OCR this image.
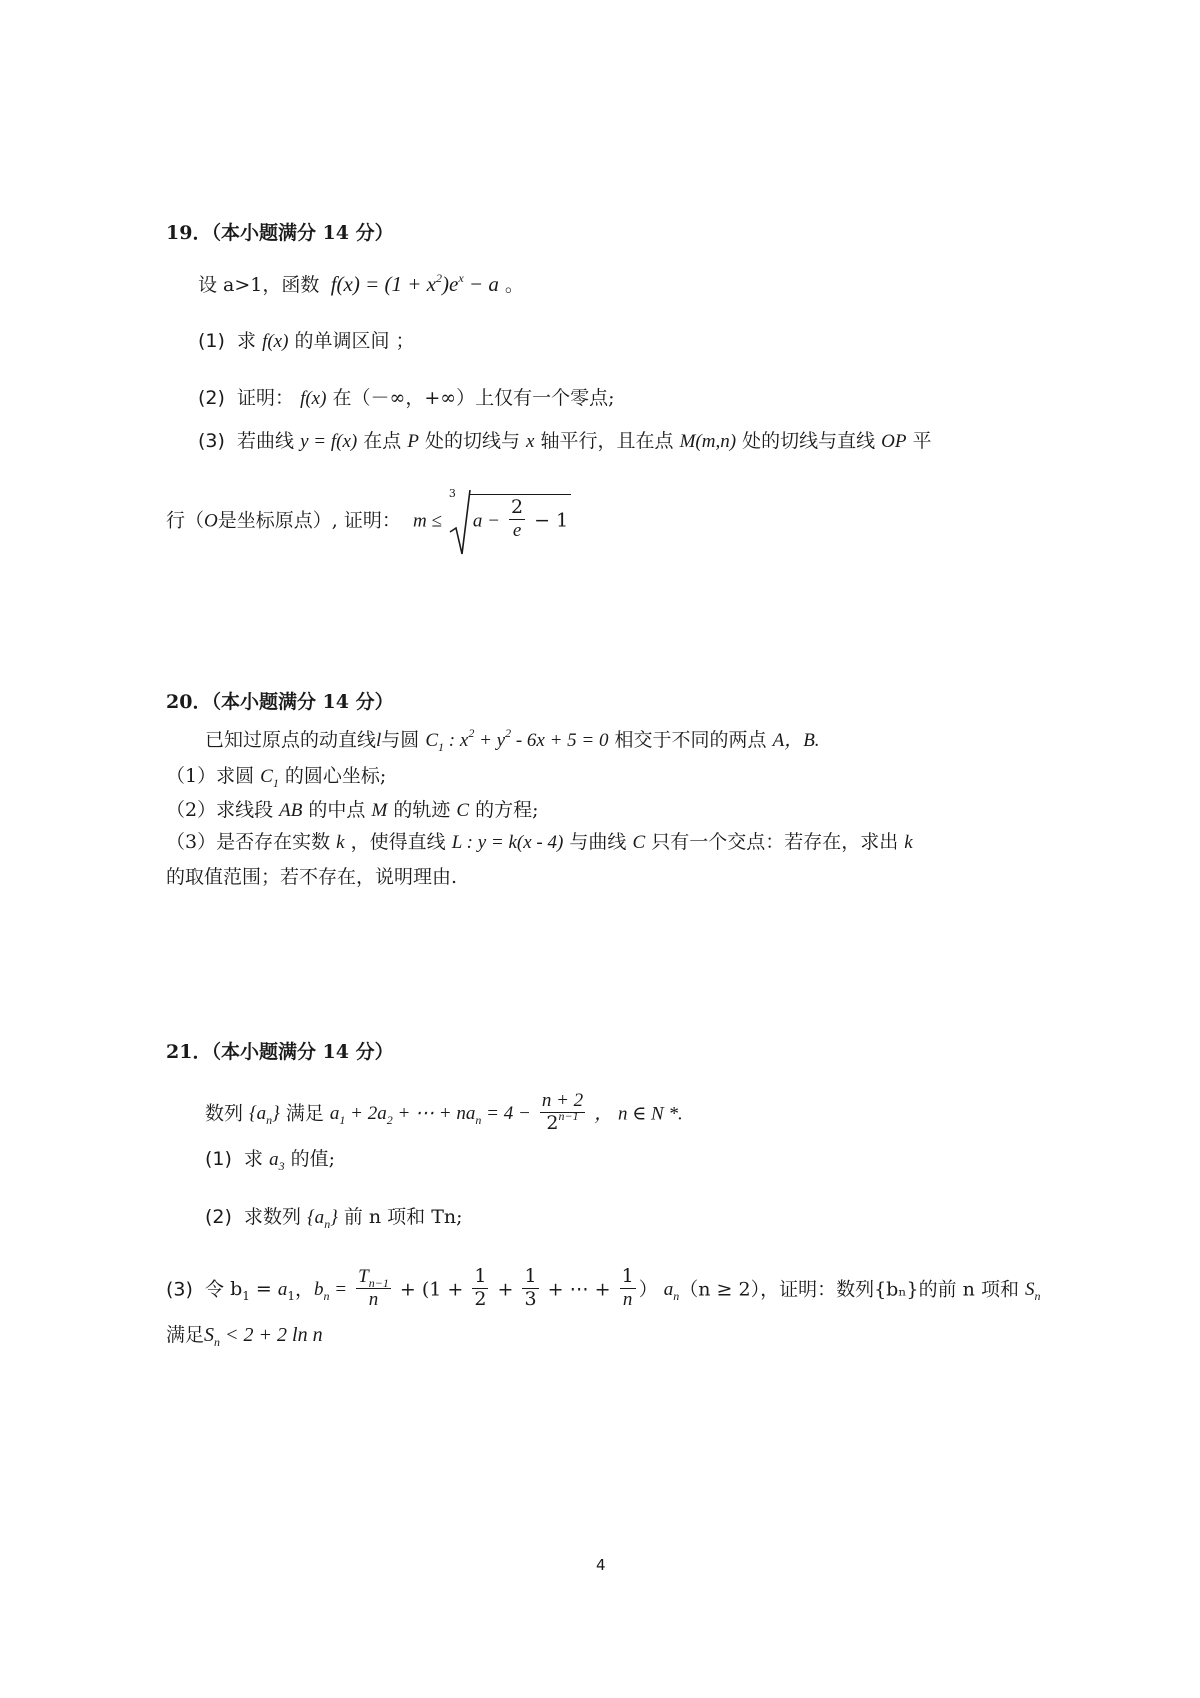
19．（本小题满分 14 分）
设 a>1，函数  $f(x) = (1 + x^2)e^x - a$ 。
(1) 求 f(x) 的单调区间 ；
(2) 证明： f(x) 在（－∞，+∞）上仅有一个零点;
(3) 若曲线 y = f(x) 在点 P 处的切线与 x 轴平行，且在点 M(m,n) 处的切线与直线 OP 平
行（O是坐标原点）, 证明： m ≤
3
$a - \frac{2}{e} - 1$
20．（本小题满分 14 分）
已知过原点的动直线l与圆 $C_1$ : $x^2 + y^2 - 6x + 5 = 0$ 相交于不同的两点 A，B.
（1）求圆 $C_1$ 的圆心坐标;
（2）求线段 AB 的中点 M 的轨迹 C 的方程;
（3）是否存在实数 k ，使得直线 L : y = k(x - 4) 与曲线 C 只有一个交点：若存在，求出 k
的取值范围；若不存在，说明理由.
21．（本小题满分 14 分）
数列 $\{a_n\}$ 满足 $a_1 + 2a_2$ + ⋯ + $na_n = 4 - \frac{n + 2}{2^{n-1}}$ ， n ∈ N *.
(1) 求 $a_3$ 的值;
(2) 求数列 $\{a_n\}$ 前 n 项和 Tn;
(3) 令 $b_1 = a_1$，$b_n = \frac{T_{n-1}}{n} + (1 + \frac{1}{2} + \frac{1}{3}$ + ⋯ + $\frac{1}{n}$ ） $a_n(n \ge 2)$，证明：数列{bₙ}的前 n 项和 $S_n$
满足$S_n < 2 + 2$ ln n
4
